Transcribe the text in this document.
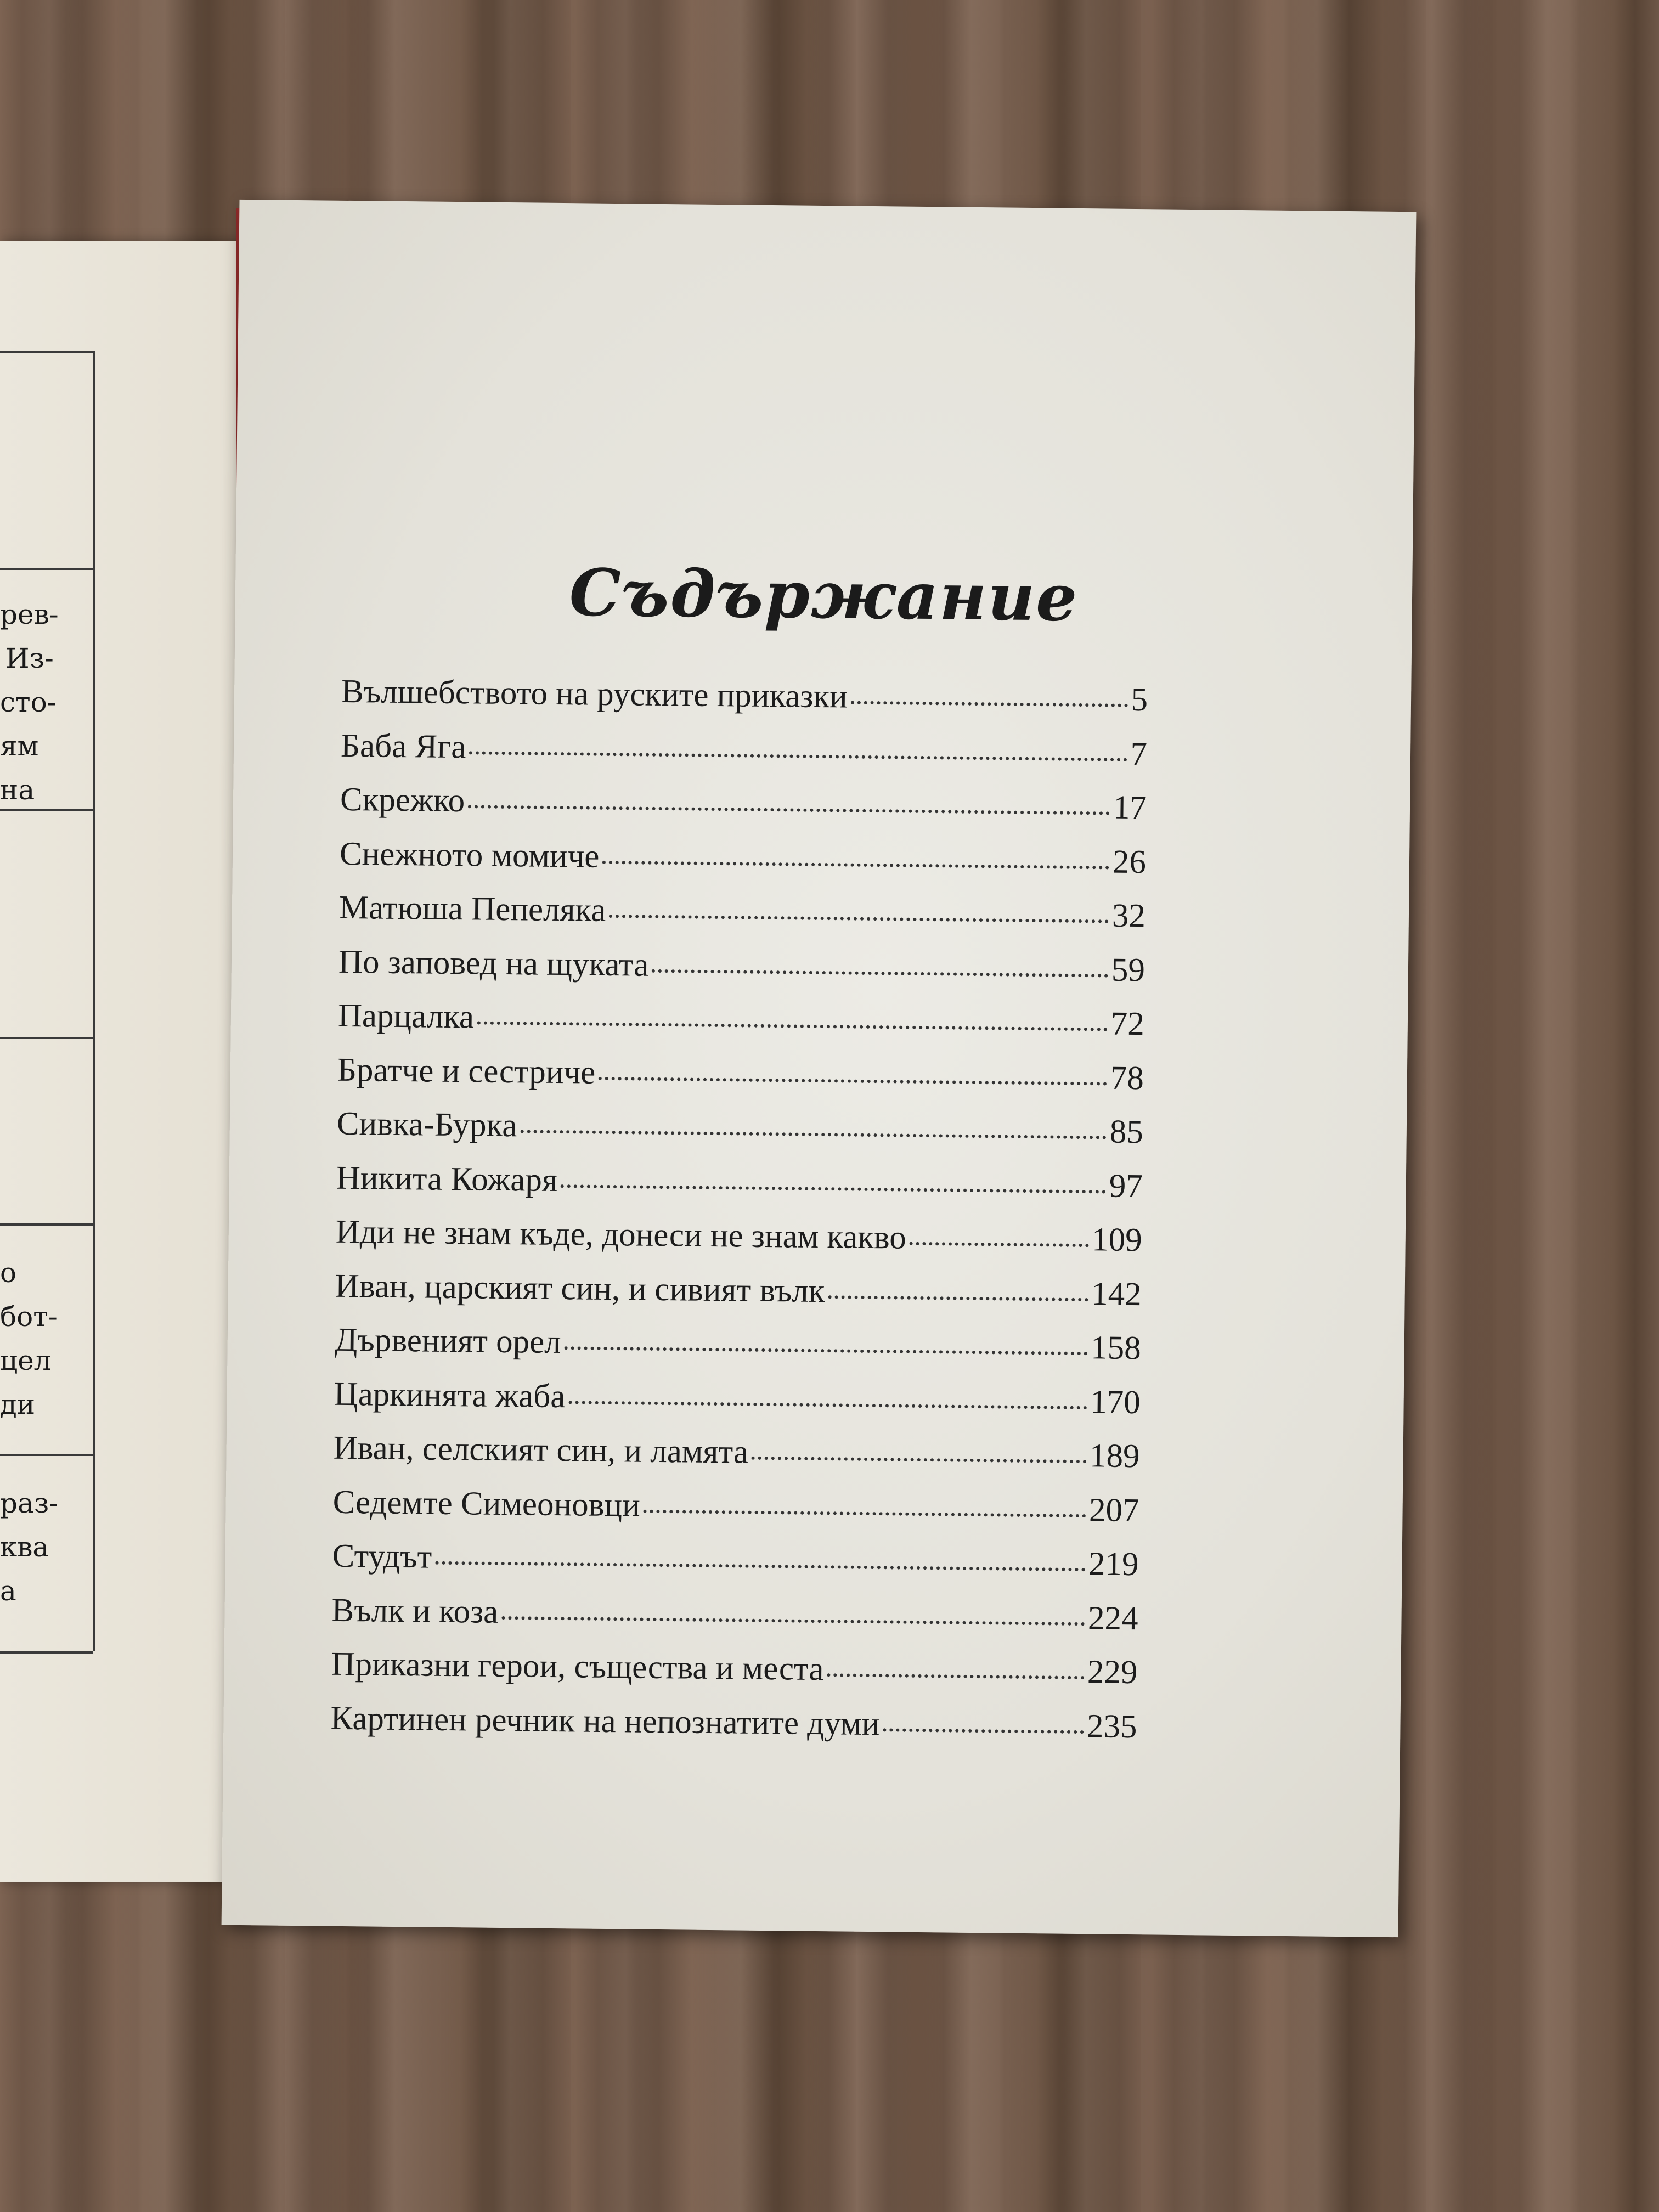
рев-
Из-
сто-
ям
на
о
бот-
цел
ди
раз-
ква
а
Съдържание
Вълшебството на руските приказки	5
Баба Яга	7
Скрежко	17
Снежното момиче	26
Матюша Пепеляка	32
По заповед на щуката	59
Парцалка	72
Братче и сестриче	78
Сивка-Бурка	85
Никита Кожаря	97
Иди не знам къде, донеси не знам какво	109
Иван, царският син, и сивият вълк	142
Дървеният орел	158
Царкинята жаба	170
Иван, селският син, и ламята	189
Седемте Симеоновци	207
Студът	219
Вълк и коза	224
Приказни герои, същества и места	229
Картинен речник на непознатите думи	235
